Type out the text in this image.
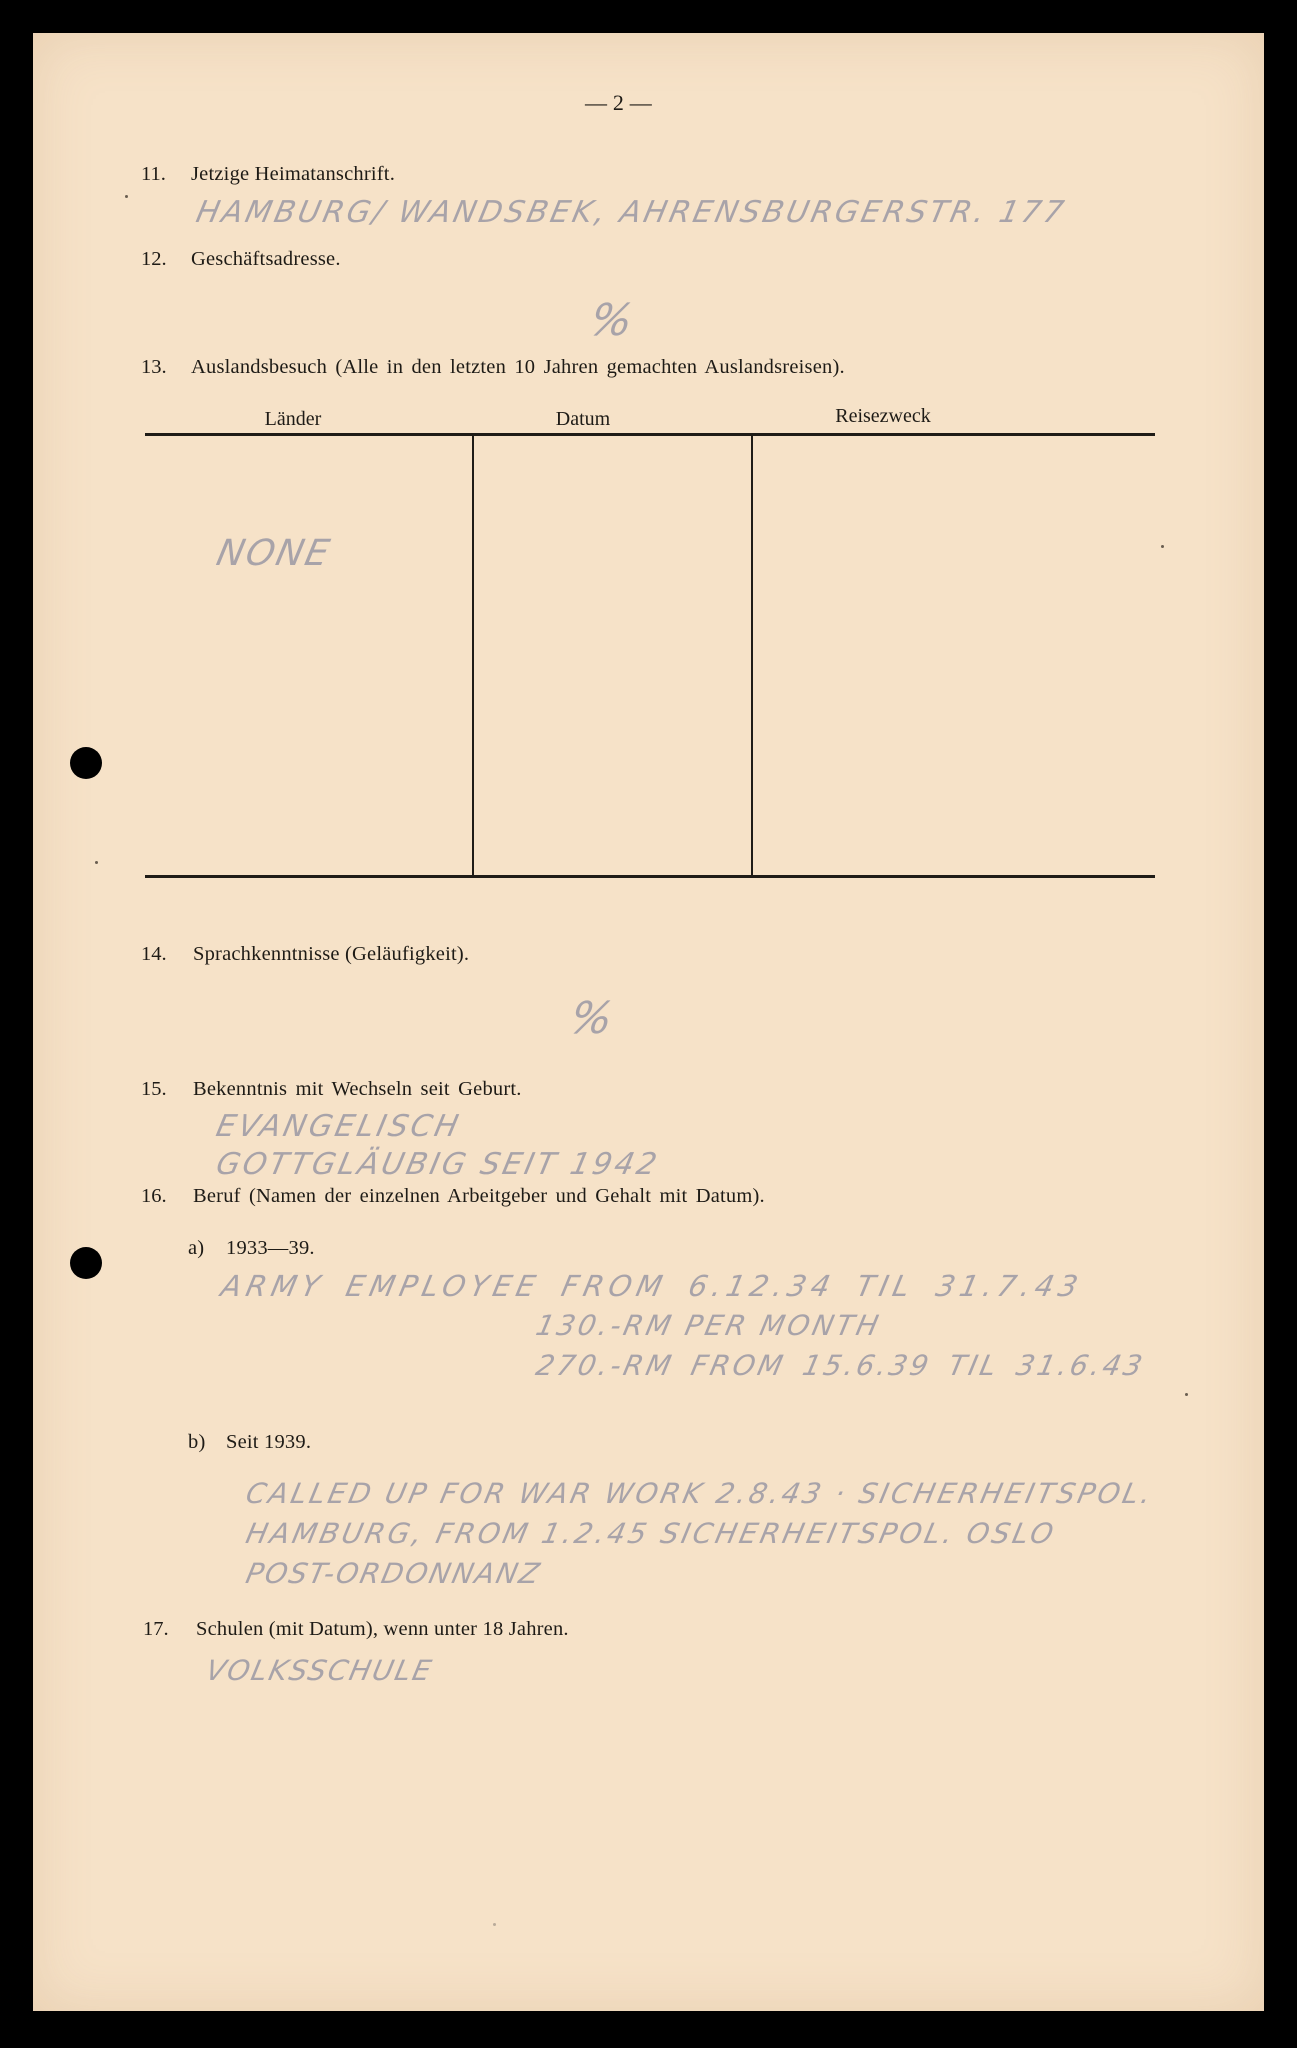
— 2 —
11. Jetzige Heimatanschrift.
HAMBURG/ WANDSBEK, AHRENSBURGERSTR. 177
12. Geschäftsadresse.
%
13. Auslandsbesuch (Alle in den letzten 10 Jahren gemachten Auslandsreisen).
Länder	Datum	Reisezweck
NONE
14. Sprachkenntnisse (Geläufigkeit).
%
15. Bekenntnis mit Wechseln seit Geburt.
EVANGELISCH
GOTTGLÄUBIG SEIT 1942
16. Beruf (Namen der einzelnen Arbeitgeber und Gehalt mit Datum).
a) 1933—39.
ARMY EMPLOYEE FROM 6.12.34 TIL 31.7.43
130.-RM PER MONTH
270.-RM FROM 15.6.39 TIL 31.6.43
b) Seit 1939.
CALLED UP FOR WAR WORK 2.8.43 · SICHERHEITSPOL.
HAMBURG, FROM 1.2.45 SICHERHEITSPOL. OSLO
POST-ORDONNANZ
17. Schulen (mit Datum), wenn unter 18 Jahren.
VOLKSSCHULE
